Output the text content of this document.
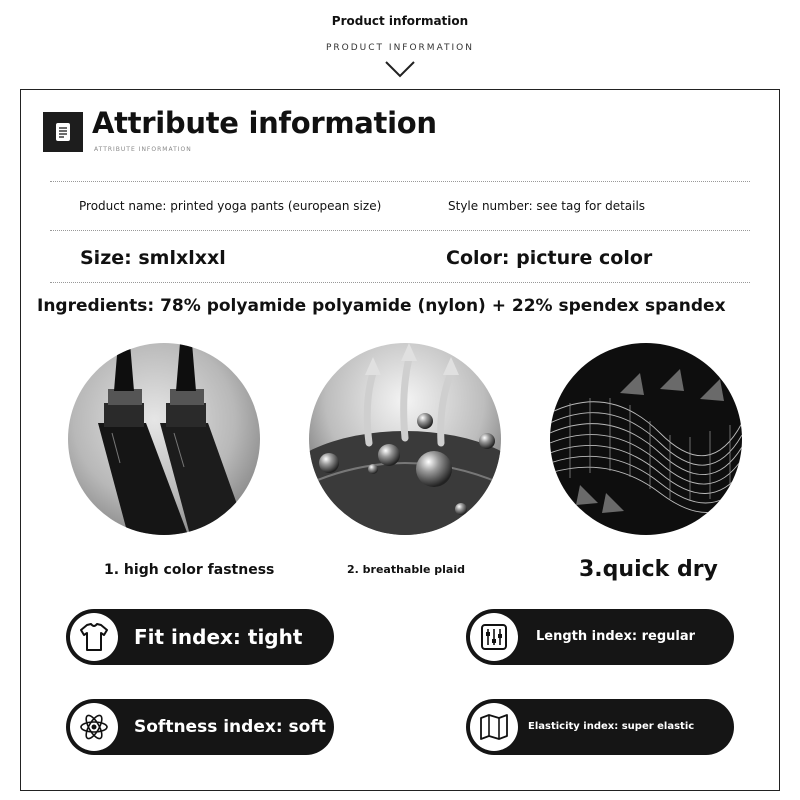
Product information
PRODUCT INFORMATION
Attribute information
ATTRIBUTE INFORMATION
Product name: printed yoga pants (european size)	Style number: see tag for details
Size: smlxlxxl	Color: picture color
Ingredients: 78% polyamide polyamide (nylon) + 22% spendex spandex
1. high color fastness	2. breathable plaid	3.quick dry
Fit index: tight	Length index: regular
Softness index: soft	Elasticity index: super elastic
